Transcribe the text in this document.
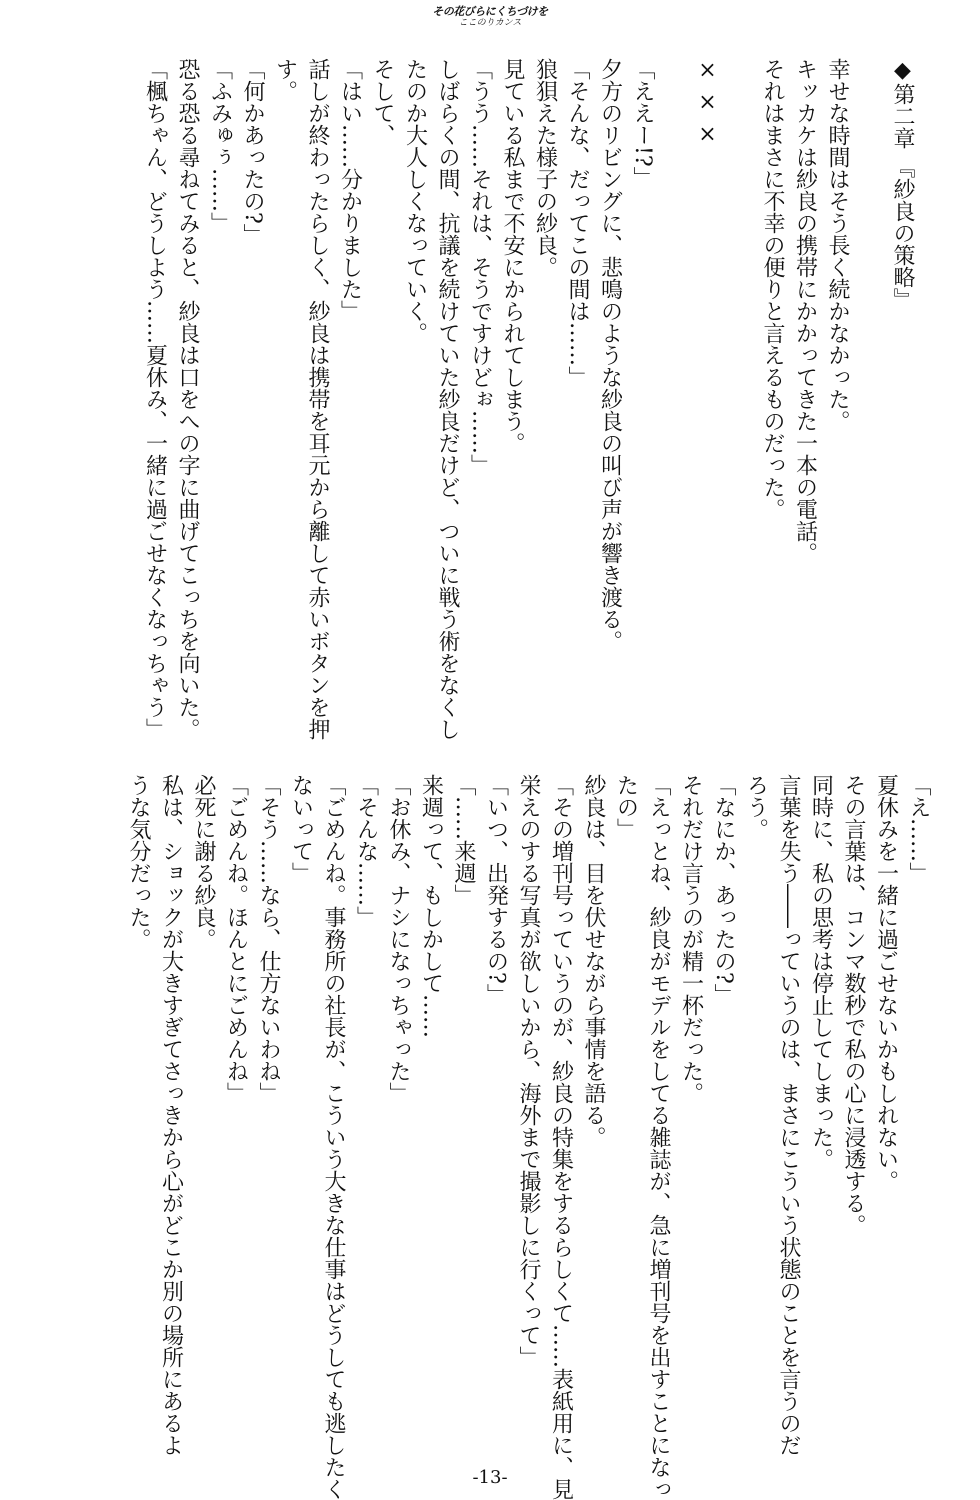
その花びらにくちづけを
ここのりカンス

◆第二章 『紗良の策略』

幸せな時間はそう長く続かなかった。

キッカケは紗良の携帯にかかってきた一本の電話。

それはまさに不幸の便りと言えるものだった。

× × ×

「ええー!?」

夕方のリビングに、悲鳴のような紗良の叫び声が響き渡る。

「そんな、だってこの間は……」

狼狽えた様子の紗良。

見ている私まで不安にかられてしまう。

「うう……それは、そうですけどぉ……」

しばらくの間、抗議を続けていた紗良だけど、ついに戦う術をなくし

たのか大人しくなっていく。

そして、

「はい……分かりました」

話しが終わったらしく、紗良は携帯を耳元から離して赤いボタンを押

す。

「何かあったの?」

「ふみゅぅ……」

恐る恐る尋ねてみると、紗良は口をへの字に曲げてこっちを向いた。

「楓ちゃん、どうしよう……夏休み、一緒に過ごせなくなっちゃう」

「え……」

夏休みを一緒に過ごせないかもしれない。

その言葉は、コンマ数秒で私の心に浸透する。

同時に、私の思考は停止してしまった。

言葉を失う――っていうのは、まさにこういう状態のことを言うのだ

ろう。

「なにか、あったの?」

それだけ言うのが精一杯だった。

「えっとね、紗良がモデルをしてる雑誌が、急に増刊号を出すことになっ

たの」

紗良は、目を伏せながら事情を語る。

「その増刊号っていうのが、紗良の特集をするらしくて……表紙用に、見

栄えのする写真が欲しいから、海外まで撮影しに行くって」

「いつ、出発するの?」

「……来週」

来週って、もしかして……

「お休み、ナシになっちゃった」

「そんな……」

「ごめんね。事務所の社長が、こういう大きな仕事はどうしても逃したく

ないって」

「そう……なら、仕方ないわね」

「ごめんね。ほんとにごめんね」

必死に謝る紗良。

私は、ショックが大きすぎてさっきから心がどこか別の場所にあるよ

うな気分だった。

-13-
